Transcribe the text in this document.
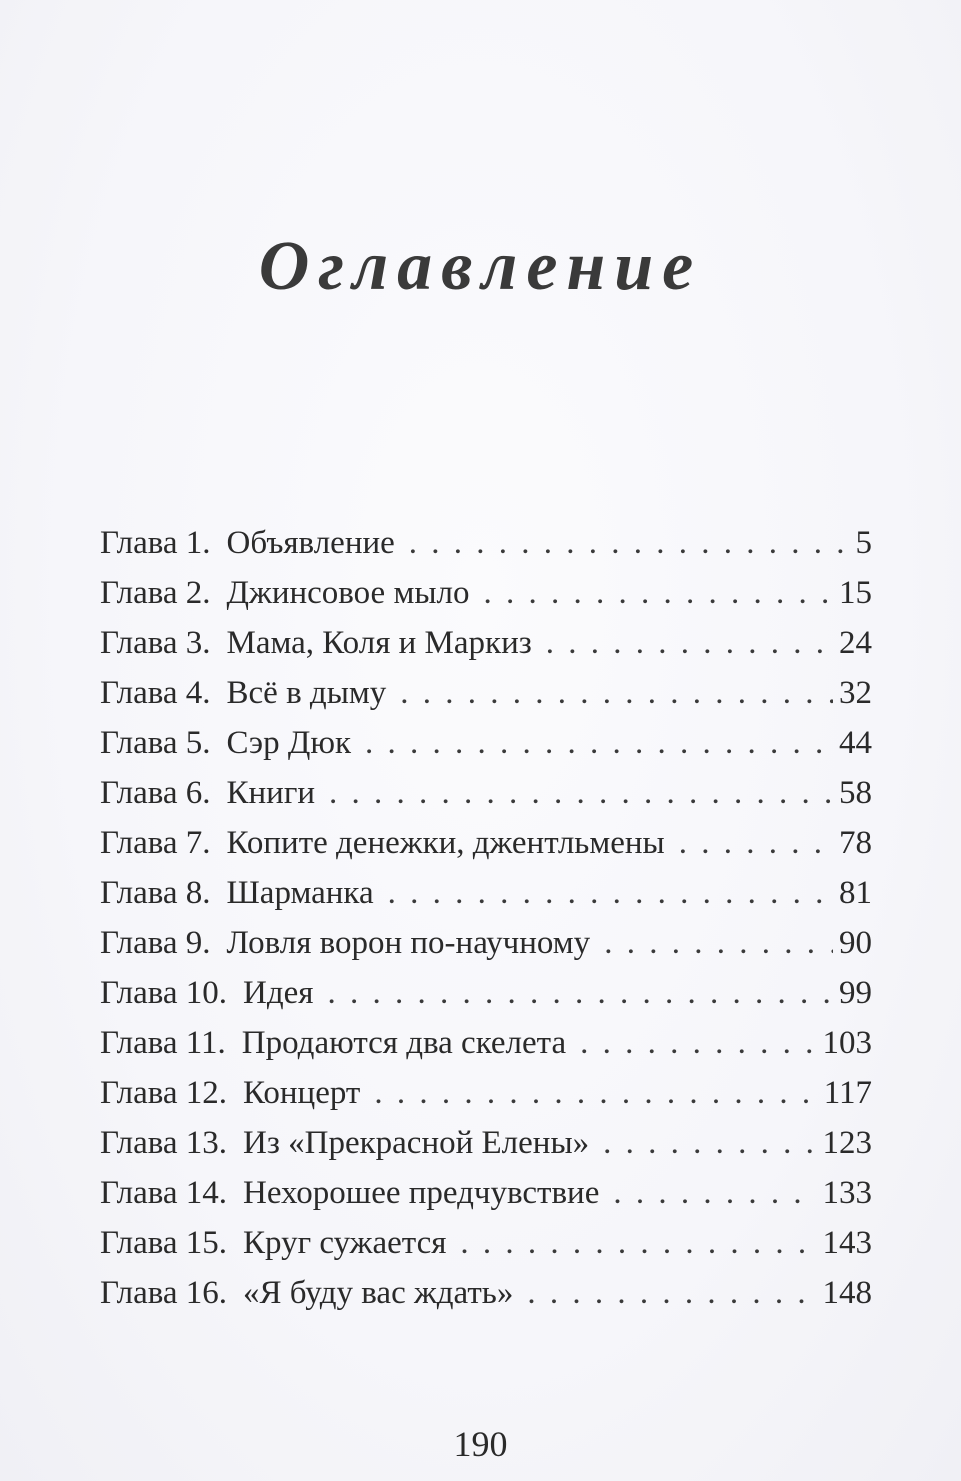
Оглавление
Глава 1. Объявление . . .	5
Глава 2. Джинсовое мыло . . .	15
Глава 3. Мама, Коля и Маркиз . . .	24
Глава 4. Всё в дыму . . .	32
Глава 5. Сэр Дюк . . .	44
Глава 6. Книги . . .	58
Глава 7. Копите денежки, джентльмены . . .	78
Глава 8. Шарманка . . .	81
Глава 9. Ловля ворон по-научному . . .	90
Глава 10. Идея . . .	99
Глава 11. Продаются два скелета . . .	103
Глава 12. Концерт . . .	117
Глава 13. Из «Прекрасной Елены» . . .	123
Глава 14. Нехорошее предчувствие . . .	133
Глава 15. Круг сужается . . .	143
Глава 16. «Я буду вас ждать» . . .	148
190
